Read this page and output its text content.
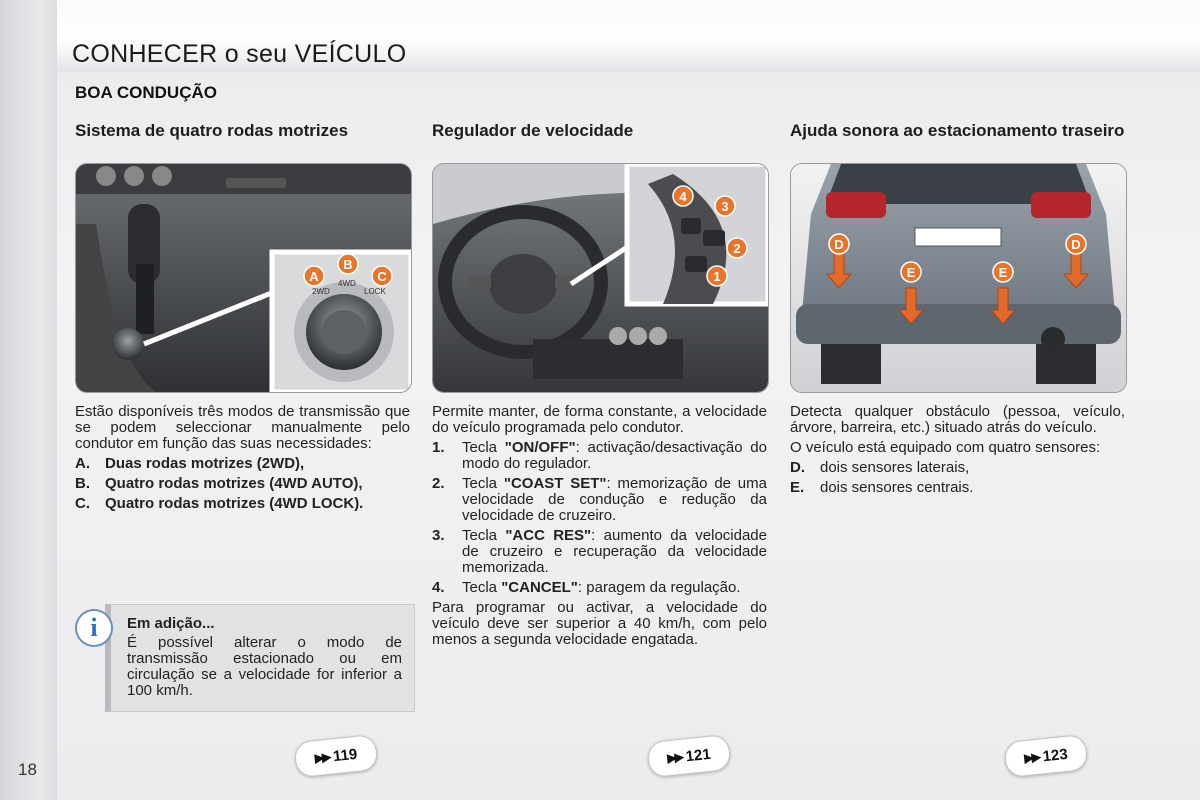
18
CONHECER o seu VEÍCULO
BOA CONDUÇÃO
Sistema de quatro rodas motrizes
2WD
4WD
LOCK
A
B
C

Estão disponíveis três modos de transmissão que se podem seleccionar manualmente pelo condutor em função das suas necessidades:

A.	Duas rodas motrizes (2WD),
B.	Quatro rodas motrizes (4WD AUTO),
C.	Quatro rodas motrizes (4WD LOCK).
i	Em adição...
É possível alterar o modo de transmissão estacionado ou em circulação se a velocidade for inferior a 100 km/h.
Regulador de velocidade
4
3
2
1

Permite manter, de forma constante, a velocidade do veículo programada pelo condutor.

1.	Tecla "ON/OFF": activação/desactivação do modo do regulador.
2.	Tecla "COAST SET": memorização de uma velocidade de condução e redução da velocidade de cruzeiro.
3.	Tecla "ACC RES": aumento da velocidade de cruzeiro e recuperação da velocidade memorizada.
4.	Tecla "CANCEL": paragem da regulação.

Para programar ou activar, a velocidade do veículo deve ser superior a 40 km/h, com pelo menos a segunda velocidade engatada.

Ajuda sonora ao estacionamento traseiro
D
E	E
D

Detecta qualquer obstáculo (pessoa, veículo, árvore, barreira, etc.) situado atrás do veículo.

O veículo está equipado com quatro sensores:

D.	dois sensores laterais,
E.	dois sensores centrais.
▶▶ 119	▶▶ 121	▶▶ 123
